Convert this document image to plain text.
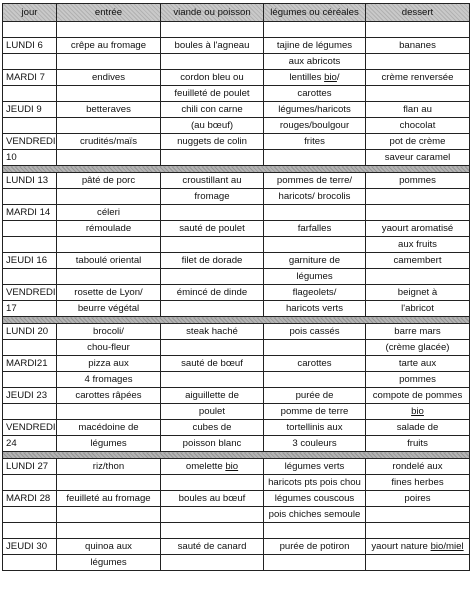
jour	entrée	viande ou poisson	légumes ou céréales	dessert

LUNDI 6	crêpe au fromage	boules à l'agneau	tajine de légumes	bananes
			aux abricots	
MARDI 7	endives	cordon bleu ou	lentilles bio/	crème renversée
		feuilleté de poulet	carottes	
JEUDI 9	betteraves	chili con carne	légumes/haricots	flan au
		(au bœuf)	rouges/boulgour	chocolat
VENDREDI	crudités/maïs	nuggets de colin	frites	pot de crème
10				saveur caramel

LUNDI 13	pâté de porc	croustillant au	pommes de terre/	pommes
		fromage	haricots/ brocolis	
MARDI 14	céleri			
	rémoulade	sauté de poulet	farfalles	yaourt aromatisé
				aux fruits
JEUDI 16	taboulé oriental	filet de dorade	garniture de	camembert
			légumes	
VENDREDI	rosette de Lyon/	émincé de dinde	flageolets/	beignet à
17	beurre végétal		haricots verts	l'abricot

LUNDI 20	brocoli/	steak haché	pois cassés	barre mars
	chou-fleur			(crème glacée)
MARDI21	pizza aux	sauté de bœuf	carottes	tarte aux
	4 fromages			pommes
JEUDI 23	carottes râpées	aiguillette de	purée de	compote de pommes
		poulet	pomme de terre	bio
VENDREDI	macédoine de	cubes de	tortellinis aux	salade de
24	légumes	poisson blanc	3 couleurs	fruits

LUNDI 27	riz/thon	omelette bio	légumes verts	rondelé aux
			haricots pts pois chou	fines herbes
MARDI 28	feuilleté au fromage	boules au bœuf	légumes couscous	poires
			pois chiches semoule	

JEUDI 30	quinoa aux	sauté de canard	purée de potiron	yaourt nature bio/miel
	légumes			
